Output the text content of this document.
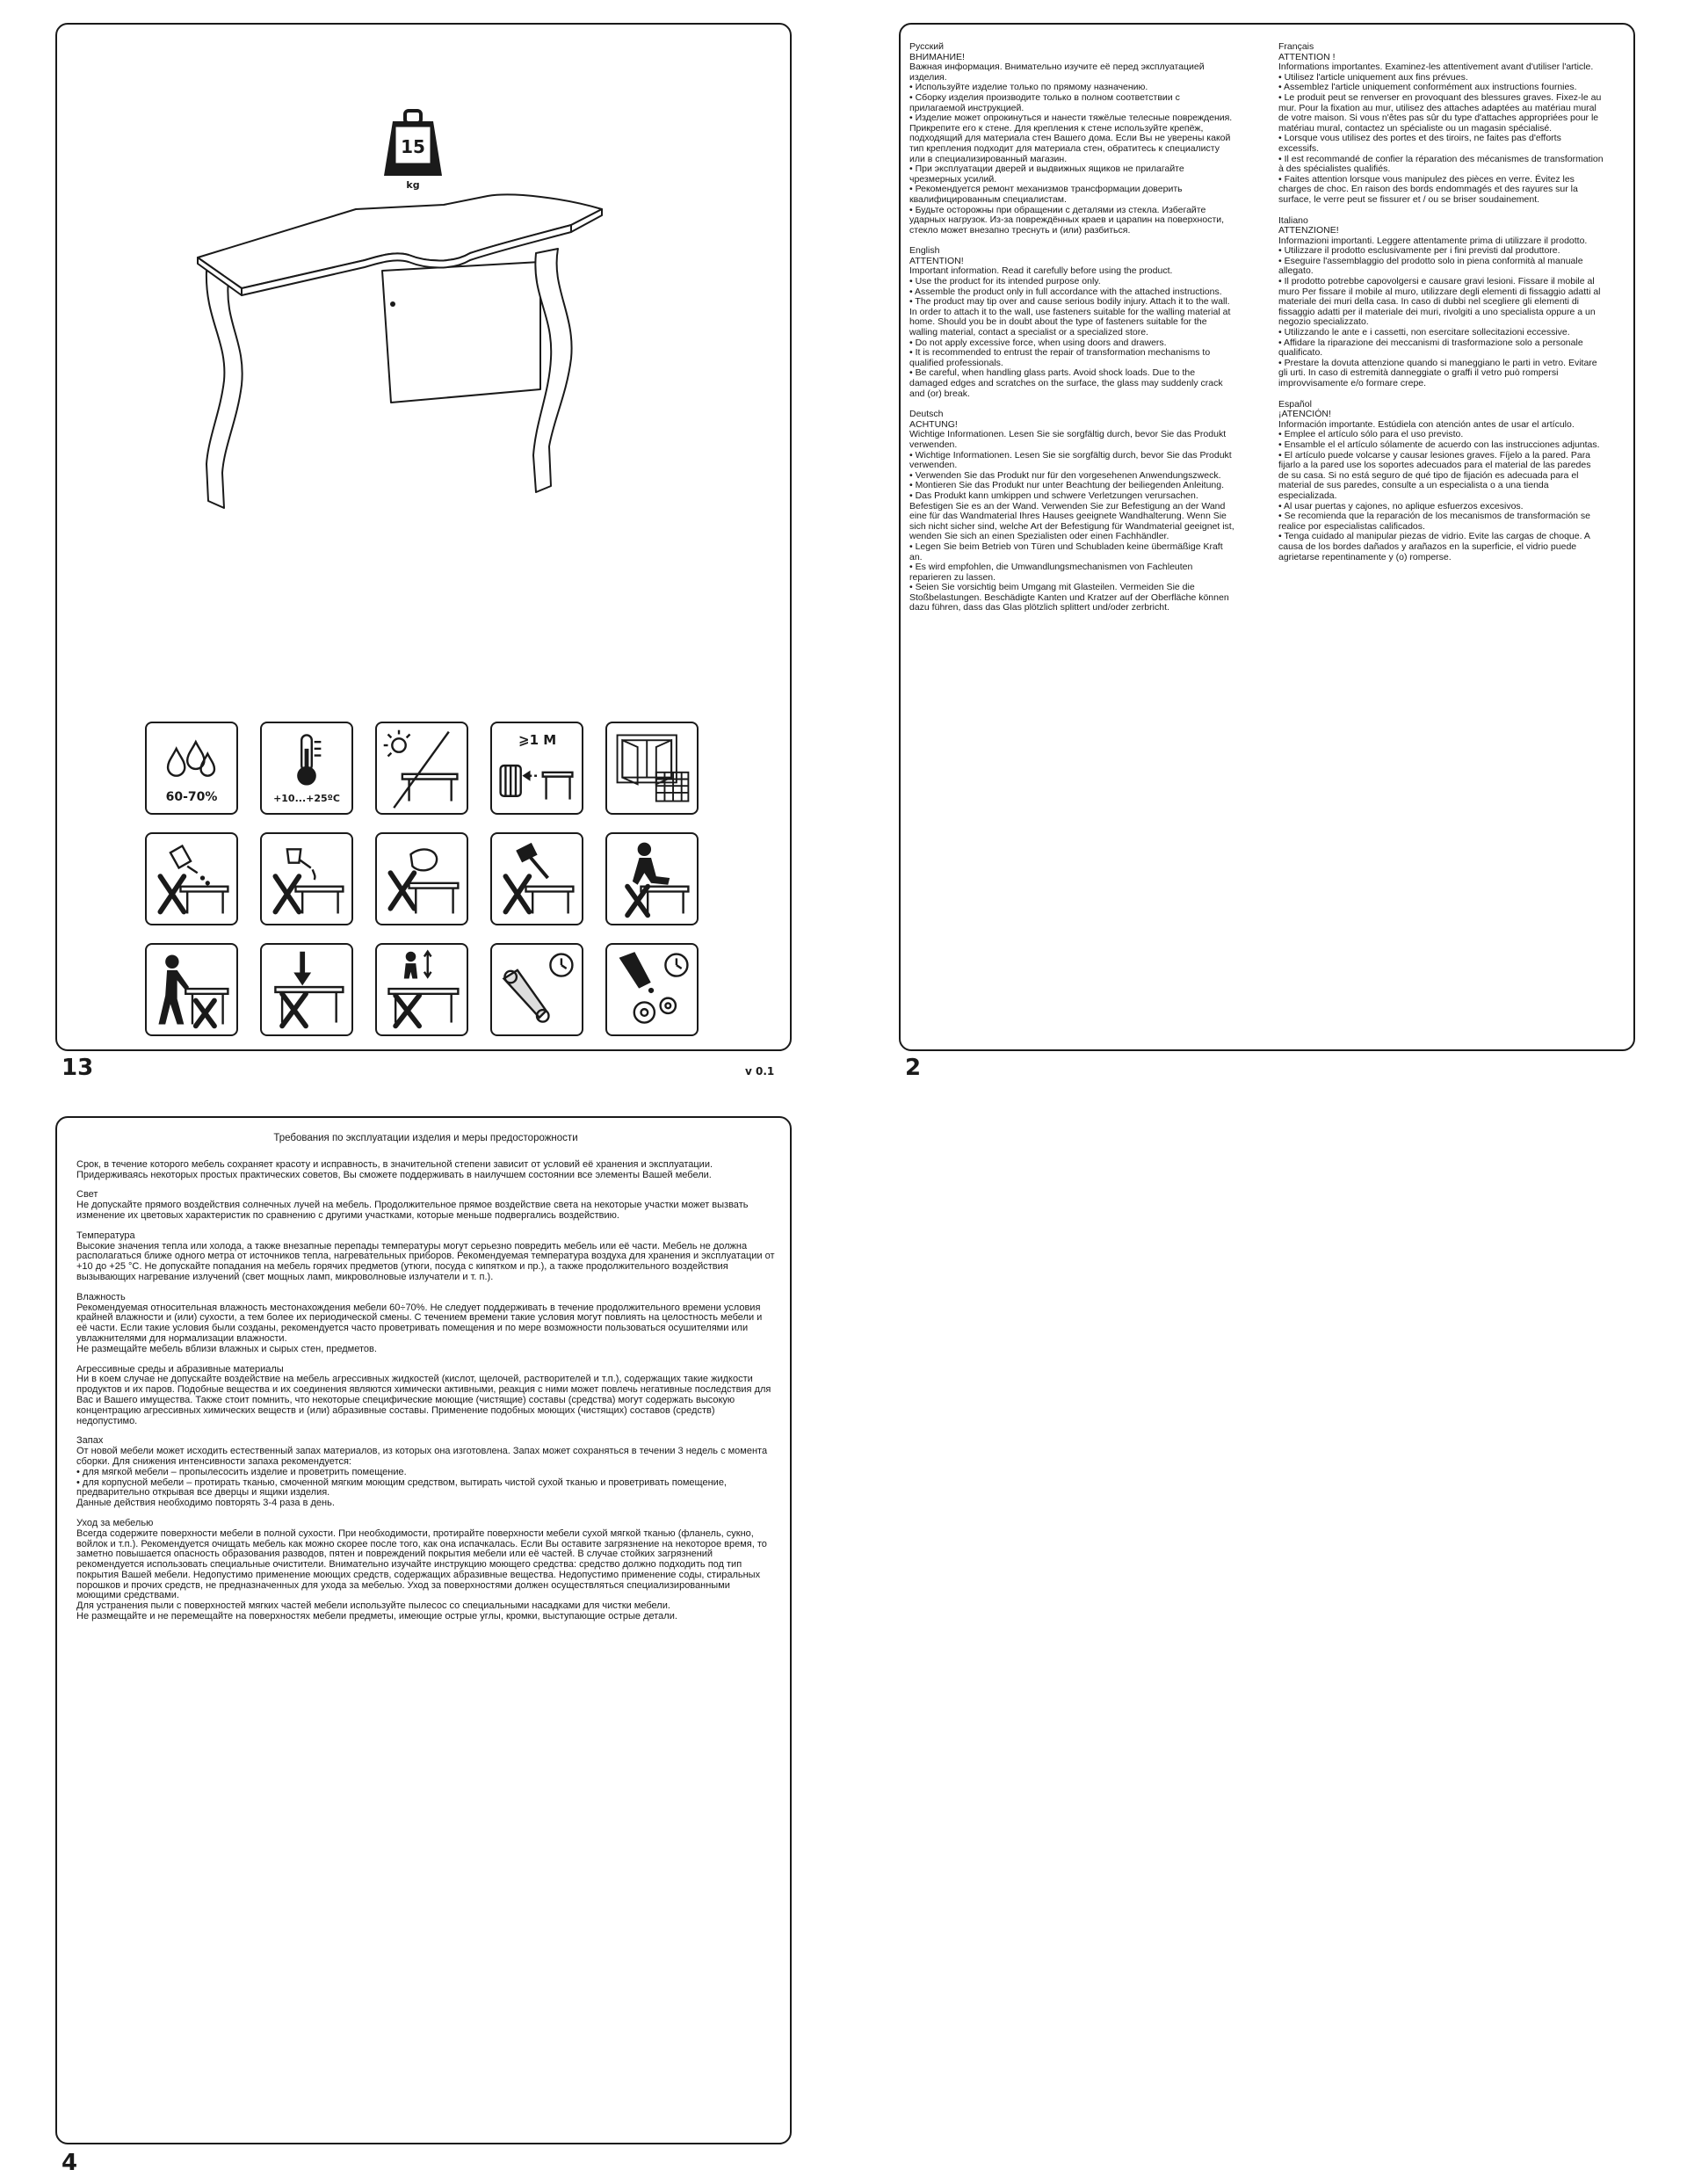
15
kg
60-70%	+10...+25ºC
⩾1 M
13	v 0.1

Русский

ВНИМАНИЕ!

Важная информация. Внимательно изучите её перед эксплуатацией изделия.

• Используйте изделие только по прямому назначению.

• Сборку изделия производите только в полном соответствии с прилагаемой инструкцией.

• Изделие может опрокинуться и нанести тяжёлые телесные повреждения. Прикрепите его к стене. Для крепления к стене используйте крепёж, подходящий для материала стен Вашего дома. Если Вы не уверены какой тип крепления подходит для материала стен, обратитесь к специалисту или в специализированный магазин.

• При эксплуатации дверей и выдвижных ящиков не прилагайте чрезмерных усилий.

• Рекомендуется ремонт механизмов трансформации доверить квалифицированным специалистам.

• Будьте осторожны при обращении с деталями из стекла. Избегайте ударных нагрузок. Из-за повреждённых краев и царапин на поверхности, стекло может внезапно треснуть и (или) разбиться.

English

ATTENTION!

Important information. Read it carefully before using the product.

• Use the product for its intended purpose only.

• Assemble the product only in full accordance with the attached instructions.

• The product may tip over and cause serious bodily injury. Attach it to the wall. In order to attach it to the wall, use fasteners suitable for the walling material at home. Should you be in doubt about the type of fasteners suitable for the walling material, contact a specialist or a specialized store.

• Do not apply excessive force, when using doors and drawers.

• It is recommended to entrust the repair of transformation mechanisms to qualified professionals.

• Be careful, when handling glass parts. Avoid shock loads. Due to the damaged edges and scratches on the surface, the glass may suddenly crack and (or) break.

Deutsch

ACHTUNG!

Wichtige Informationen. Lesen Sie sie sorgfältig durch, bevor Sie das Produkt verwenden.

• Wichtige Informationen. Lesen Sie sie sorgfältig durch, bevor Sie das Produkt verwenden.

• Verwenden Sie das Produkt nur für den vorgesehenen Anwendungszweck.

• Montieren Sie das Produkt nur unter Beachtung der beiliegenden Anleitung.

• Das Produkt kann umkippen und schwere Verletzungen verursachen. Befestigen Sie es an der Wand. Verwenden Sie zur Befestigung an der Wand eine für das Wandmaterial Ihres Hauses geeignete Wandhalterung. Wenn Sie sich nicht sicher sind, welche Art der Befestigung für Wandmaterial geeignet ist, wenden Sie sich an einen Spezialisten oder einen Fachhändler.

• Legen Sie beim Betrieb von Türen und Schubladen keine übermäßige Kraft an.

• Es wird empfohlen, die Umwandlungsmechanismen von Fachleuten reparieren zu lassen.

• Seien Sie vorsichtig beim Umgang mit Glasteilen. Vermeiden Sie die Stoßbelastungen. Beschädigte Kanten und Kratzer auf der Oberfläche können dazu führen, dass das Glas plötzlich splittert und/oder zerbricht.

Français

ATTENTION !

Informations importantes. Examinez-les attentivement avant d'utiliser l'article.

• Utilisez l'article uniquement aux fins prévues.

• Assemblez l'article uniquement conformément aux instructions fournies.

• Le produit peut se renverser en provoquant des blessures graves. Fixez-le au mur. Pour la fixation au mur, utilisez des attaches adaptées au matériau mural de votre maison. Si vous n'êtes pas sûr du type d'attaches appropriées pour le matériau mural, contactez un spécialiste ou un magasin spécialisé.

• Lorsque vous utilisez des portes et des tiroirs, ne faites pas d'efforts excessifs.

• Il est recommandé de confier la réparation des mécanismes de transformation à des spécialistes qualifiés.

• Faites attention lorsque vous manipulez des pièces en verre. Évitez les charges de choc. En raison des bords endommagés et des rayures sur la surface, le verre peut se fissurer et / ou se briser soudainement.

Italiano

ATTENZIONE!

Informazioni importanti. Leggere attentamente prima di utilizzare il prodotto.

• Utilizzare il prodotto esclusivamente per i fini previsti dal produttore.

• Eseguire l'assemblaggio del prodotto solo in piena conformità al manuale allegato.

• Il prodotto potrebbe capovolgersi e causare gravi lesioni. Fissare il mobile al muro Per fissare il mobile al muro, utilizzare degli elementi di fissaggio adatti al materiale dei muri della casa. In caso di dubbi nel scegliere gli elementi di fissaggio adatti per il materiale dei muri, rivolgiti a uno specialista oppure a un negozio specializzato.

• Utilizzando le ante e i cassetti, non esercitare sollecitazioni eccessive.

• Affidare la riparazione dei meccanismi di trasformazione solo a personale qualificato.

• Prestare la dovuta attenzione quando si maneggiano le parti in vetro. Evitare gli urti. In caso di estremità danneggiate o graffi il vetro può rompersi improvvisamente e/o formare crepe.

Español

¡ATENCIÓN!

Información importante. Estúdiela con atención antes de usar el artículo.

• Emplee el artículo sólo para el uso previsto.

• Ensamble el el artículo sólamente de acuerdo con las instrucciones adjuntas.

• El artículo puede volcarse y causar lesiones graves. Fíjelo a la pared. Para fijarlo a la pared use los soportes adecuados para el material de las paredes de su casa. Si no está seguro de qué tipo de fijación es adecuada para el material de sus paredes, consulte a un especialista o a una tienda especializada.

• Al usar puertas y cajones, no aplique esfuerzos excesivos.

• Se recomienda que la reparación de los mecanismos de transformación se realice por especialistas calificados.

• Tenga cuidado al manipular piezas de vidrio. Evite las cargas de choque. A causa de los bordes dañados y arañazos en la superficie, el vidrio puede agrietarse repentinamente y (o) romperse.

2
Требования по эксплуатации изделия и меры предосторожности

Срок, в течение которого мебель сохраняет красоту и исправность, в значительной степени зависит от условий её хранения и эксплуатации. Придерживаясь некоторых простых практических советов, Вы сможете поддерживать в наилучшем состоянии все элементы Вашей мебели.

Свет

Не допускайте прямого воздействия солнечных лучей на мебель. Продолжительное прямое воздействие света на некоторые участки может вызвать изменение их цветовых характеристик по сравнению с другими участками, которые меньше подвергались воздействию.

Температура

Высокие значения тепла или холода, а также внезапные перепады температуры могут серьезно повредить мебель или её части. Мебель не должна располагаться ближе одного метра от источников тепла, нагревательных приборов. Рекомендуемая температура воздуха для хранения и эксплуатации от +10 до +25 °С. Не допускайте попадания на мебель горячих предметов (утюги, посуда с кипятком и пр.), а также продолжительного воздействия вызывающих нагревание излучений (свет мощных ламп, микроволновые излучатели и т. п.).

Влажность

Рекомендуемая относительная влажность местонахождения мебели 60÷70%. Не следует поддерживать в течение продолжительного времени условия крайней влажности и (или) сухости, а тем более их периодической смены. С течением времени такие условия могут повлиять на целостность мебели и её части. Если такие условия были созданы, рекомендуется часто проветривать помещения и по мере возможности пользоваться осушителями или увлажнителями для нормализации влажности.

Не размещайте мебель вблизи влажных и сырых стен, предметов.

Агрессивные среды и абразивные материалы

Ни в коем случае не допускайте воздействие на мебель агрессивных жидкостей (кислот, щелочей, растворителей и т.п.), содержащих такие жидкости продуктов и их паров. Подобные вещества и их соединения являются химически активными, реакция с ними может повлечь негативные последствия для Вас и Вашего имущества. Также стоит помнить, что некоторые специфические моющие (чистящие) составы (средства) могут содержать высокую концентрацию агрессивных химических веществ и (или) абразивные составы. Применение подобных моющих (чистящих) составов (средств) недопустимо.

Запах

От новой мебели может исходить естественный запах материалов, из которых она изготовлена. Запах может сохраняться в течении 3 недель с момента сборки. Для снижения интенсивности запаха рекомендуется:

• для мягкой мебели – пропылесосить изделие и проветрить помещение.

• для корпусной мебели – протирать тканью, смоченной мягким моющим средством, вытирать чистой сухой тканью и проветривать помещение, предварительно открывая все дверцы и ящики изделия.

Данные действия необходимо повторять 3-4 раза в день.

Уход за мебелью

Всегда содержите поверхности мебели в полной сухости. При необходимости, протирайте поверхности мебели сухой мягкой тканью (фланель, сукно, войлок и т.п.). Рекомендуется очищать мебель как можно скорее после того, как она испачкалась. Если Вы оставите загрязнение на некоторое время, то заметно повышается опасность образования разводов, пятен и повреждений покрытия мебели или её частей. В случае стойких загрязнений рекомендуется использовать специальные очистители. Внимательно изучайте инструкцию моющего средства: средство должно подходить под тип покрытия Вашей мебели. Недопустимо применение моющих средств, содержащих абразивные вещества. Недопустимо применение соды, стиральных порошков и прочих средств, не предназначенных для ухода за мебелью. Уход за поверхностями должен осуществляться специализированными моющими средствами.

Для устранения пыли с поверхностей мягких частей мебели используйте пылесос со специальными насадками для чистки мебели.

Не размещайте и не перемещайте на поверхностях мебели предметы, имеющие острые углы, кромки, выступающие острые детали.

4
